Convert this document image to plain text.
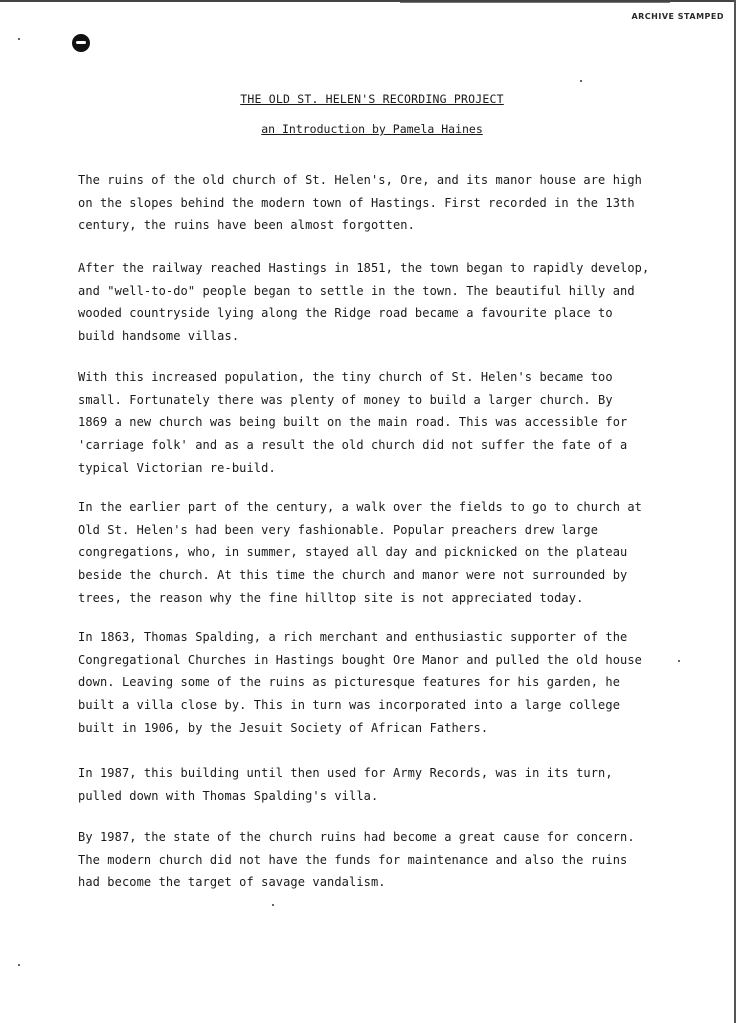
ARCHIVE STAMPED
THE OLD ST. HELEN'S RECORDING PROJECT
an Introduction by Pamela Haines
The ruins of the old church of St. Helen's, Ore, and its manor house are high
on the slopes behind the modern town of Hastings. First recorded in the 13th
century, the ruins have been almost forgotten.
After the railway reached Hastings in 1851, the town began to rapidly develop,
and "well-to-do" people began to settle in the town. The beautiful hilly and
wooded countryside lying along the Ridge road became a favourite place to
build handsome villas.
With this increased population, the tiny church of St. Helen's became too
small. Fortunately there was plenty of money to build a larger church. By
1869 a new church was being built on the main road. This was accessible for
'carriage folk' and as a result the old church did not suffer the fate of a
typical Victorian re-build.
In the earlier part of the century, a walk over the fields to go to church at
Old St. Helen's had been very fashionable. Popular preachers drew large
congregations, who, in summer, stayed all day and picknicked on the plateau
beside the church. At this time the church and manor were not surrounded by
trees, the reason why the fine hilltop site is not appreciated today.
In 1863, Thomas Spalding, a rich merchant and enthusiastic supporter of the
Congregational Churches in Hastings bought Ore Manor and pulled the old house
down. Leaving some of the ruins as picturesque features for his garden, he
built a villa close by. This in turn was incorporated into a large college
built in 1906, by the Jesuit Society of African Fathers.
In 1987, this building until then used for Army Records, was in its turn,
pulled down with Thomas Spalding's villa.
By 1987, the state of the church ruins had become a great cause for concern.
The modern church did not have the funds for maintenance and also the ruins
had become the target of savage vandalism.
